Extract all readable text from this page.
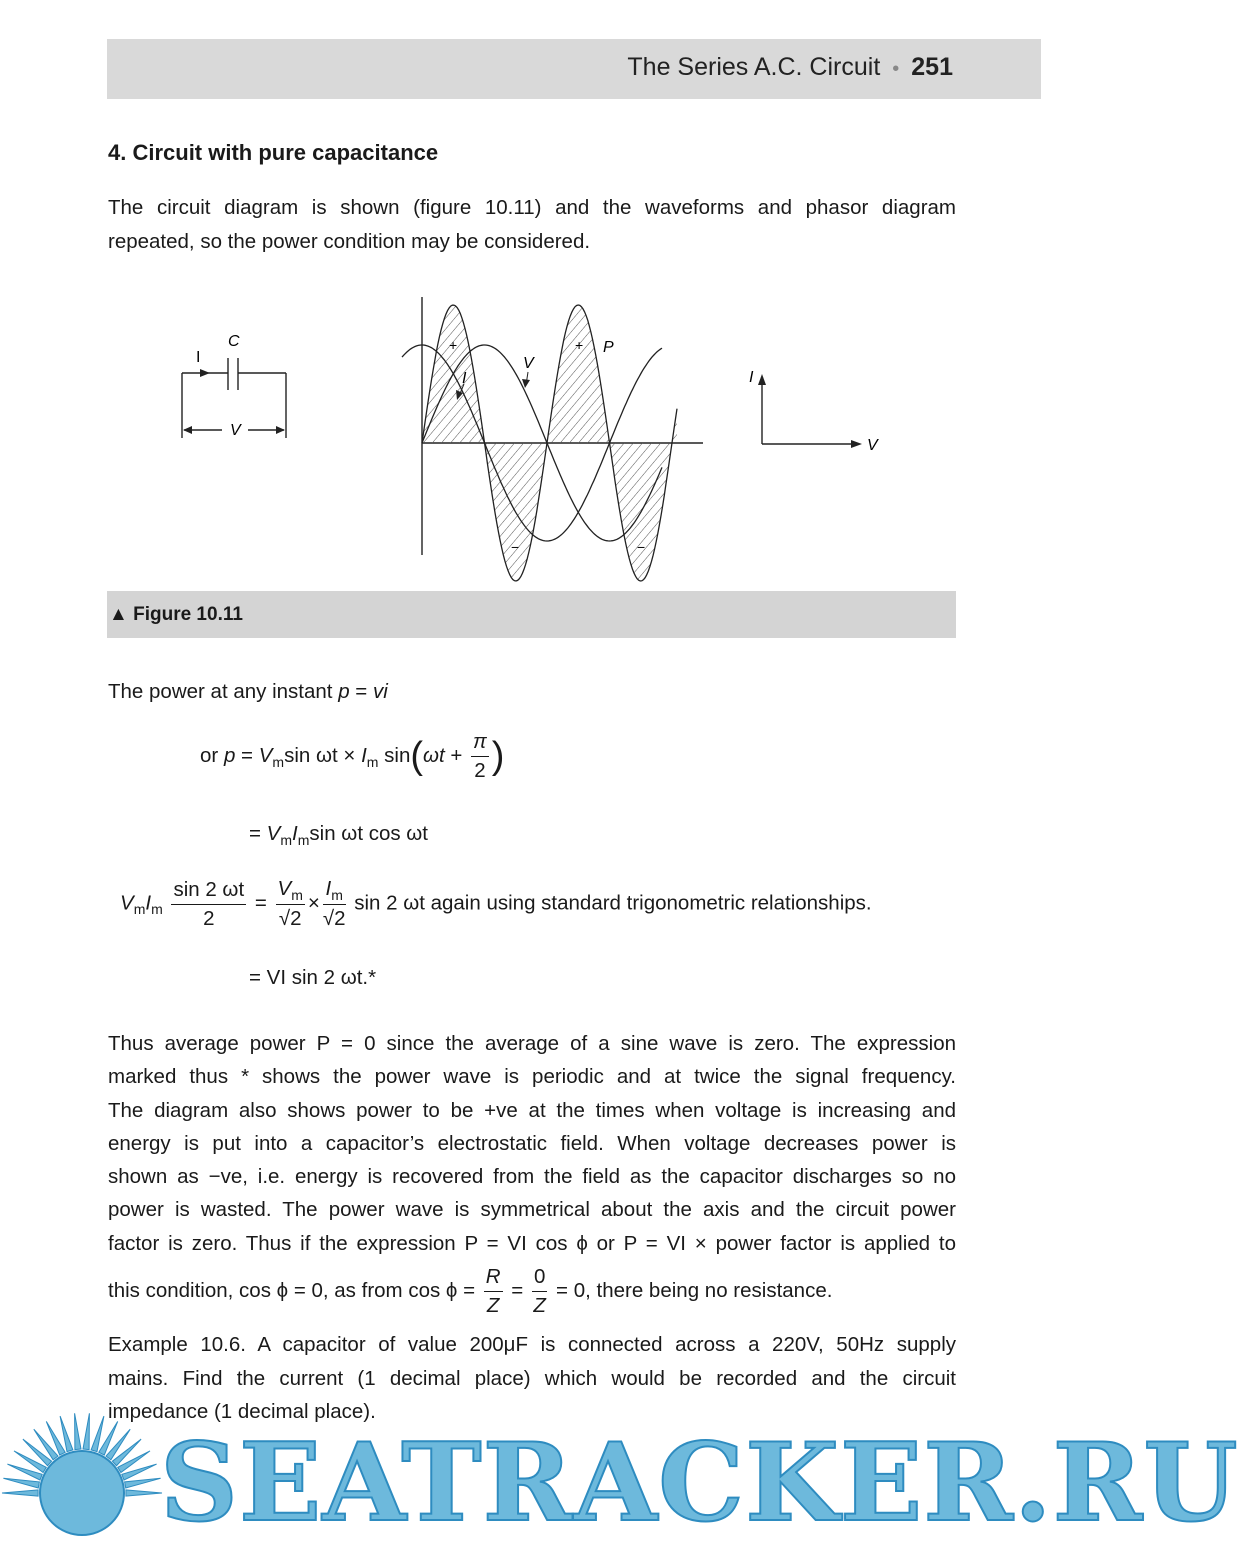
The Series A.C. Circuit • 251
4. Circuit with pure capacitance
The circuit diagram is shown (figure 10.11) and the waveforms and phasor diagram
repeated, so the power condition may be considered.
C
I
V
V
I
P
+	+
−	−
I
V
▲ Figure 10.11
The power at any instant p = vi
or $p = V_m\sin$ $\omega t \times I_m$ $\sin(\omega t + \frac{\pi}{2}$ )
= $V_mI_m\sin$ ωt cos ωt
$V_mI_m \frac{\sin 2 \omega t}{2} = \frac{V_m}{√2} \times \frac{I_m}{√2}$ sin 2 ωt again using standard trigonometric relationships.
= VI sin 2 ωt.*
Thus average power P = 0 since the average of a sine wave is zero. The expression
marked thus * shows the power wave is periodic and at twice the signal frequency.
The diagram also shows power to be +ve at the times when voltage is increasing and
energy is put into a capacitor’s electrostatic field. When voltage decreases power is
shown as −ve, i.e. energy is recovered from the field as the capacitor discharges so no
power is wasted. The power wave is symmetrical about the axis and the circuit power
factor is zero. Thus if the expression P = VI cos ϕ or P = VI × power factor is applied to
this condition, cos ϕ = 0, as from $\cos \phi = \frac{R}{Z} = \frac{0}{Z} = 0$, there being no resistance.
Example 10.6. A capacitor of value 200μF is connected across a 220V, 50Hz supply
mains. Find the current (1 decimal place) which would be recorded and the circuit
impedance (1 decimal place).
SEATRACKER.RU
